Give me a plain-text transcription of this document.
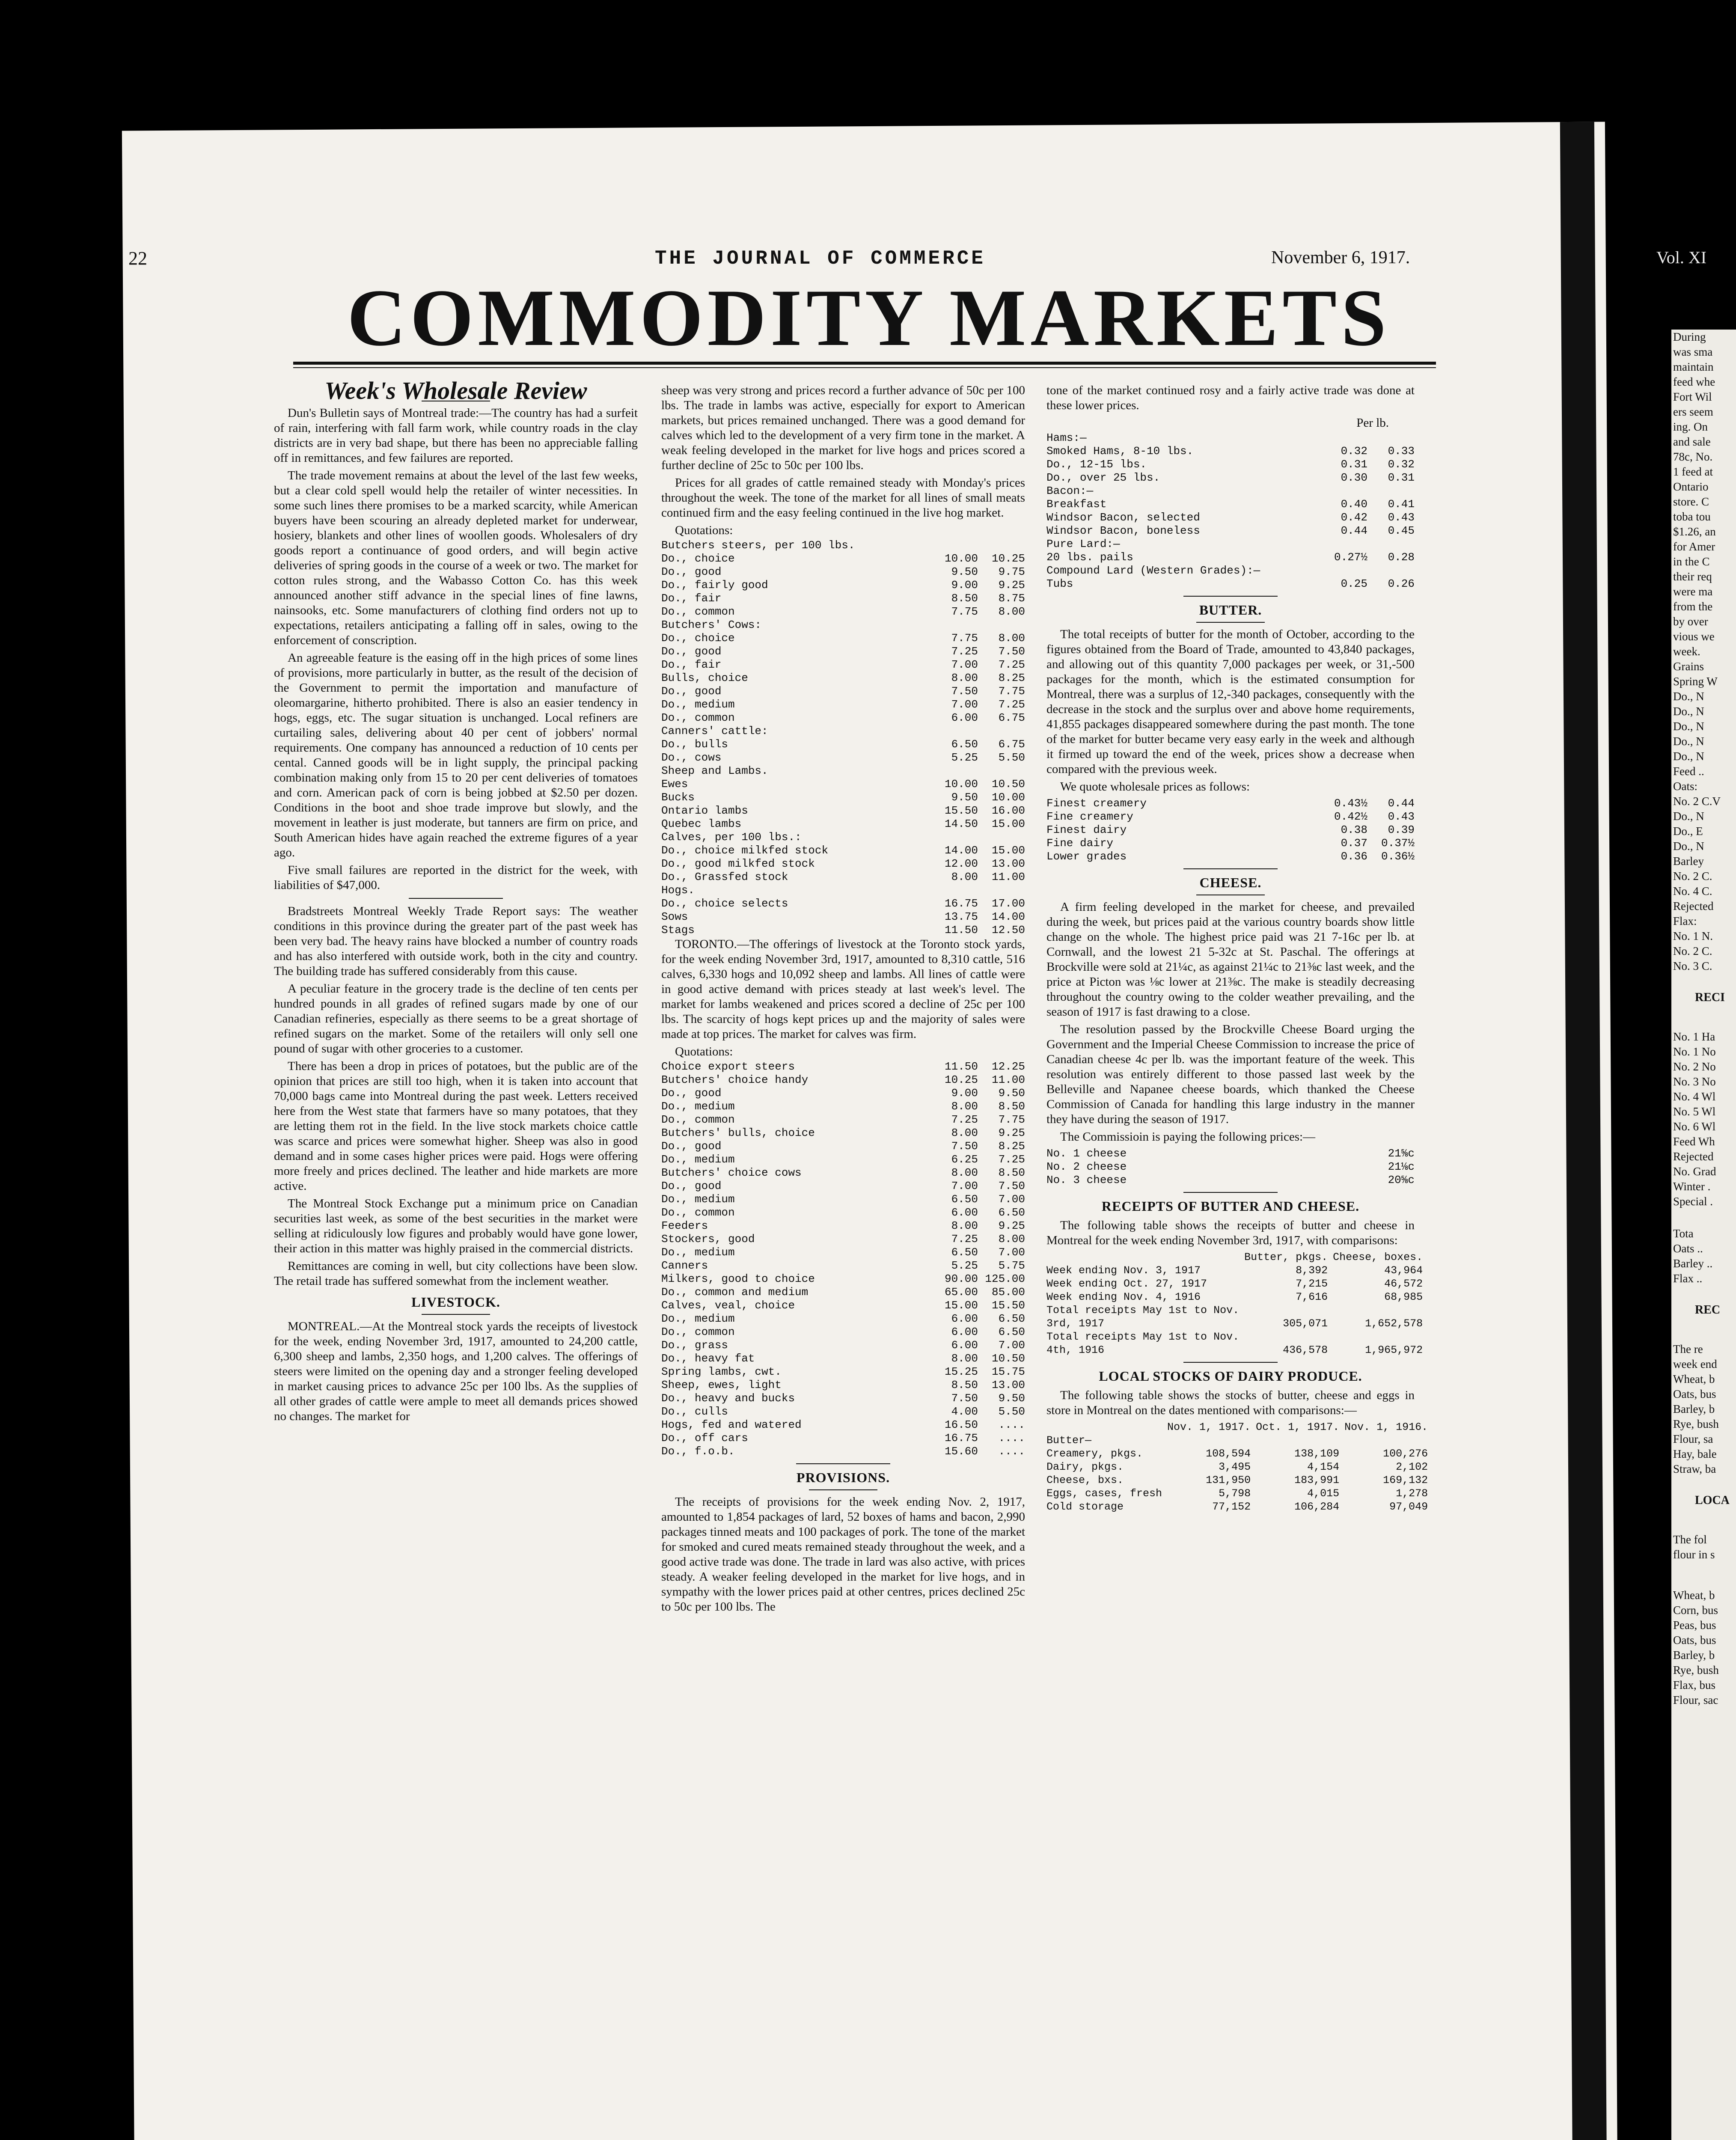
22	THE JOURNAL OF COMMERCE	November 6, 1917.	Vol. XI
COMMODITY MARKETS
Week's Wholesale Review

Dun's Bulletin says of Montreal trade:—The country has had a surfeit of rain, interfering with fall farm work, while country roads in the clay districts are in very bad shape, but there has been no appreciable falling off in remittances, and few failures are reported.

The trade movement remains at about the level of the last few weeks, but a clear cold spell would help the retailer of winter necessities. In some such lines there promises to be a marked scarcity, while American buyers have been scouring an already depleted market for underwear, hosiery, blankets and other lines of woollen goods. Wholesalers of dry goods report a continuance of good orders, and will begin active deliveries of spring goods in the course of a week or two. The market for cotton rules strong, and the Wabasso Cotton Co. has this week announced another stiff advance in the special lines of fine lawns, nainsooks, etc. Some manufacturers of clothing find orders not up to expectations, retailers anticipating a falling off in sales, owing to the enforcement of conscription.

An agreeable feature is the easing off in the high prices of some lines of provisions, more particularly in butter, as the result of the decision of the Government to permit the importation and manufacture of oleomargarine, hitherto prohibited. There is also an easier tendency in hogs, eggs, etc. The sugar situation is unchanged. Local refiners are curtailing sales, delivering about 40 per cent of jobbers' normal requirements. One company has announced a reduction of 10 cents per cental. Canned goods will be in light supply, the principal packing combination making only from 15 to 20 per cent deliveries of tomatoes and corn. American pack of corn is being jobbed at $2.50 per dozen. Conditions in the boot and shoe trade improve but slowly, and the movement in leather is just moderate, but tanners are firm on price, and South American hides have again reached the extreme figures of a year ago.

Five small failures are reported in the district for the week, with liabilities of $47,000.

Bradstreets Montreal Weekly Trade Report says: The weather conditions in this province during the greater part of the past week has been very bad. The heavy rains have blocked a number of country roads and has also interfered with outside work, both in the city and country. The building trade has suffered considerably from this cause.

A peculiar feature in the grocery trade is the decline of ten cents per hundred pounds in all grades of refined sugars made by one of our Canadian refineries, especially as there seems to be a great shortage of refined sugars on the market. Some of the retailers will only sell one pound of sugar with other groceries to a customer.

There has been a drop in prices of potatoes, but the public are of the opinion that prices are still too high, when it is taken into account that 70,000 bags came into Montreal during the past week. Letters received here from the West state that farmers have so many potatoes, that they are letting them rot in the field. In the live stock markets choice cattle was scarce and prices were somewhat higher. Sheep was also in good demand and in some cases higher prices were paid. Hogs were offering more freely and prices declined. The leather and hide markets are more active.

The Montreal Stock Exchange put a minimum price on Canadian securities last week, as some of the best securities in the market were selling at ridiculously low figures and probably would have gone lower, their action in this matter was highly praised in the commercial districts.

Remittances are coming in well, but city collections have been slow. The retail trade has suffered somewhat from the inclement weather.

LIVESTOCK.

MONTREAL.—At the Montreal stock yards the receipts of livestock for the week, ending November 3rd, 1917, amounted to 24,200 cattle, 6,300 sheep and lambs, 2,350 hogs, and 1,200 calves. The offerings of steers were limited on the opening day and a stronger feeling developed in market causing prices to advance 25c per 100 lbs. As the supplies of all other grades of cattle were ample to meet all demands prices showed no changes. The market for

sheep was very strong and prices record a further advance of 50c per 100 lbs. The trade in lambs was active, especially for export to American markets, but prices remained unchanged. There was a good demand for calves which led to the development of a very firm tone in the market. A weak feeling developed in the market for live hogs and prices scored a further decline of 25c to 50c per 100 lbs.

Prices for all grades of cattle remained steady with Monday's prices throughout the week. The tone of the market for all lines of small meats continued firm and the easy feeling continued in the live hog market.

Quotations:
Butchers steers, per 100 lbs.
Do., choice	10.00	10.25
Do., good	9.50	9.75
Do., fairly good	9.00	9.25
Do., fair	8.50	8.75
Do., common	7.75	8.00
Butchers' Cows:
Do., choice	7.75	8.00
Do., good	7.25	7.50
Do., fair	7.00	7.25
Bulls, choice	8.00	8.25
Do., good	7.50	7.75
Do., medium	7.00	7.25
Do., common	6.00	6.75
Canners' cattle:
Do., bulls	6.50	6.75
Do., cows	5.25	5.50
Sheep and Lambs.
Ewes	10.00	10.50
Bucks	9.50	10.00
Ontario lambs	15.50	16.00
Quebec lambs	14.50	15.00
Calves, per 100 lbs.:
Do., choice milkfed stock	14.00	15.00
Do., good milkfed stock	12.00	13.00
Do., Grassfed stock	8.00	11.00
Hogs.
Do., choice selects	16.75	17.00
Sows	13.75	14.00
Stags	11.50	12.50

TORONTO.—The offerings of livestock at the Toronto stock yards, for the week ending November 3rd, 1917, amounted to 8,310 cattle, 516 calves, 6,330 hogs and 10,092 sheep and lambs. All lines of cattle were in good active demand with prices steady at last week's level. The market for lambs weakened and prices scored a decline of 25c per 100 lbs. The scarcity of hogs kept prices up and the majority of sales were made at top prices. The market for calves was firm.

Quotations:
Choice export steers	11.50	12.25
Butchers' choice handy	10.25	11.00
Do., good	9.00	9.50
Do., medium	8.00	8.50
Do., common	7.25	7.75
Butchers' bulls, choice	8.00	9.25
Do., good	7.50	8.25
Do., medium	6.25	7.25
Butchers' choice cows	8.00	8.50
Do., good	7.00	7.50
Do., medium	6.50	7.00
Do., common	6.00	6.50
Feeders	8.00	9.25
Stockers, good	7.25	8.00
Do., medium	6.50	7.00
Canners	5.25	5.75
Milkers, good to choice	90.00 125.00
Do., common and medium	65.00	85.00
Calves, veal, choice	15.00	15.50
Do., medium	6.00	6.50
Do., common	6.00	6.50
Do., grass	6.00	7.00
Do., heavy fat	8.00	10.50
Spring lambs, cwt.	15.25	15.75
Sheep, ewes, light	8.50	13.00
Do., heavy and bucks	7.50	9.50
Do., culls	4.00	5.50
Hogs, fed and watered	16.50	....
Do., off cars	16.75	....
Do., f.o.b.	15.60	....
PROVISIONS.

The receipts of provisions for the week ending Nov. 2, 1917, amounted to 1,854 packages of lard, 52 boxes of hams and bacon, 2,990 packages tinned meats and 100 packages of pork. The tone of the market for smoked and cured meats remained steady throughout the week, and a good active trade was done. The trade in lard was also active, with prices steady. A weaker feeling developed in the market for live hogs, and in sympathy with the lower prices paid at other centres, prices declined 25c to 50c per 100 lbs. The

tone of the market continued rosy and a fairly active trade was done at these lower prices.

Per lb.
Hams:—
Smoked Hams, 8-10 lbs.	0.32	0.33
Do., 12-15 lbs.	0.31	0.32
Do., over 25 lbs.	0.30	0.31
Bacon:—
Breakfast	0.40	0.41
Windsor Bacon, selected	0.42	0.43
Windsor Bacon, boneless	0.44	0.45
Pure Lard:—
20 lbs. pails	0.27½	0.28
Compound Lard (Western Grades):—
Tubs	0.25	0.26
BUTTER.

The total receipts of butter for the month of October, according to the figures obtained from the Board of Trade, amounted to 43,840 packages, and allowing out of this quantity 7,000 packages per week, or 31,-500 packages for the month, which is the estimated consumption for Montreal, there was a surplus of 12,-340 packages, consequently with the decrease in the stock and the surplus over and above home requirements, 41,855 packages disappeared somewhere during the past month. The tone of the market for butter became very easy early in the week and although it firmed up toward the end of the week, prices show a decrease when compared with the previous week.

We quote wholesale prices as follows:

Finest creamery	0.43½	0.44
Fine creamery	0.42½	0.43
Finest dairy	0.38	0.39
Fine dairy	0.37	0.37½
Lower grades	0.36	0.36½
CHEESE.

A firm feeling developed in the market for cheese, and prevailed during the week, but prices paid at the various country boards show little change on the whole. The highest price paid was 21 7-16c per lb. at Cornwall, and the lowest 21 5-32c at St. Paschal. The offerings at Brockville were sold at 21¼c, as against 21¼c to 21⅜c last week, and the price at Picton was ⅛c lower at 21⅜c. The make is steadily decreasing throughout the country owing to the colder weather prevailing, and the season of 1917 is fast drawing to a close.

The resolution passed by the Brockville Cheese Board urging the Government and the Imperial Cheese Commission to increase the price of Canadian cheese 4c per lb. was the important feature of the week. This resolution was entirely different to those passed last week by the Belleville and Napanee cheese boards, which thanked the Cheese Commission of Canada for handling this large industry in the manner they have during the season of 1917.

The Commissioin is paying the following prices:—

No. 1 cheese	21⅝c
No. 2 cheese	21⅛c
No. 3 cheese	20⅝c
RECEIPTS OF BUTTER AND CHEESE.

The following table shows the receipts of butter and cheese in Montreal for the week ending November 3rd, 1917, with comparisons:

	Butter, pkgs.	Cheese, boxes.
Week ending Nov. 3, 1917	8,392	43,964
Week ending Oct. 27, 1917	7,215	46,572
Week ending Nov. 4, 1916	7,616	68,985
Total receipts May 1st to Nov.		
3rd, 1917	305,071	1,652,578
Total receipts May 1st to Nov.		
4th, 1916	436,578	1,965,972
LOCAL STOCKS OF DAIRY PRODUCE.

The following table shows the stocks of butter, cheese and eggs in store in Montreal on the dates mentioned with comparisons:—

	Nov. 1, 1917.	Oct. 1, 1917.	Nov. 1, 1916.
Butter—			
Creamery, pkgs.	108,594	138,109	100,276
Dairy, pkgs.	3,495	4,154	2,102
Cheese, bxs.	131,950	183,991	169,132
Eggs, cases, fresh	5,798	4,015	1,278
Cold storage	77,152	106,284	97,049
During
was sma
maintain
feed whe
Fort Wil
ers seem
ing. On
and sale
78c, No.
1 feed at
Ontario
store. C
toba tou
$1.26, an
for Amer
in the C
their req
were ma
from the
by over
vious we
week.
Grains
Spring W
Do., N
Do., N
Do., N
Do., N
Do., N
Feed ..
Oats:
No. 2 C.V
Do., N
Do., E
Do., N
Barley
No. 2 C.
No. 4 C.
Rejected
Flax:
No. 1 N.
No. 2 C.
No. 3 C.
RECI
No. 1 Ha
No. 1 No
No. 2 No
No. 3 No
No. 4 Wl
No. 5 Wl
No. 6 Wl
Feed Wh
Rejected
No. Grad
Winter .
Special .
Tota
Oats ..
Barley ..
Flax ..
REC
The re
week end
Wheat, b
Oats, bus
Barley, b
Rye, bush
Flour, sa
Hay, bale
Straw, ba
LOCA
The fol
flour in s
Wheat, b
Corn, bus
Peas, bus
Oats, bus
Barley, b
Rye, bush
Flax, bus
Flour, sac
